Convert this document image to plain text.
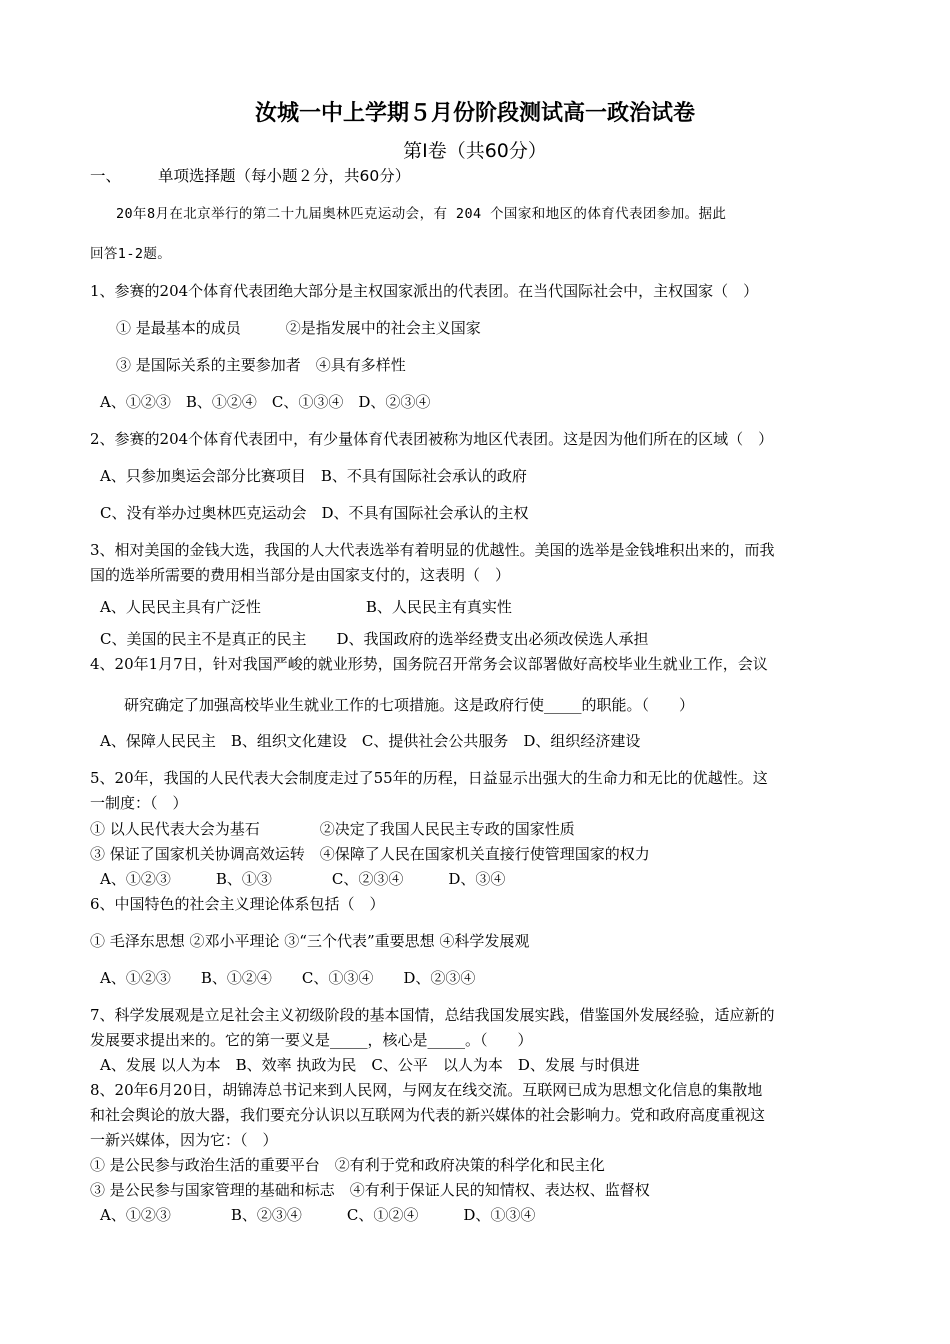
汝城一中上学期５月份阶段测试高一政治试卷
第Ⅰ卷（共60分）
一、 单项选择题（每小题２分，共60分）
20年8月在北京举行的第二十九届奥林匹克运动会，有 204 个国家和地区的体育代表团参加。据此
回答1-2题。
1、参赛的204个体育代表团绝大部分是主权国家派出的代表团。在当代国际社会中，主权国家（　）
① 是最基本的成员　　　②是指发展中的社会主义国家
③ 是国际关系的主要参加者　④具有多样性
A、①②③　B、①②④　C、①③④　D、②③④
2、参赛的204个体育代表团中，有少量体育代表团被称为地区代表团。这是因为他们所在的区域（　）
A、只参加奥运会部分比赛项目　B、不具有国际社会承认的政府
C、没有举办过奥林匹克运动会　D、不具有国际社会承认的主权
3、相对美国的金钱大选，我国的人大代表选举有着明显的优越性。美国的选举是金钱堆积出来的，而我
国的选举所需要的费用相当部分是由国家支付的，这表明（　）
A、人民民主具有广泛性　　　　　　　B、人民民主有真实性
C、美国的民主不是真正的民主　　D、我国政府的选举经费支出必须改侯选人承担
4、20年1月7日，针对我国严峻的就业形势，国务院召开常务会议部署做好高校毕业生就业工作，会议
研究确定了加强高校毕业生就业工作的七项措施。这是政府行使_____的职能。（　　）
A、保障人民民主　B、组织文化建设　C、提供社会公共服务　D、组织经济建设
5、20年，我国的人民代表大会制度走过了55年的历程，日益显示出强大的生命力和无比的优越性。这
一制度：（　）
① 以人民代表大会为基石　　　　②决定了我国人民民主专政的国家性质
③ 保证了国家机关协调高效运转　④保障了人民在国家机关直接行使管理国家的权力
A、①②③　　　B、①③　　　　C、②③④　　　D、③④
6、中国特色的社会主义理论体系包括（　）
① 毛泽东思想 ②邓小平理论 ③“三个代表”重要思想 ④科学发展观
A、①②③　　B、①②④　　C、①③④　　D、②③④
7、科学发展观是立足社会主义初级阶段的基本国情，总结我国发展实践，借鉴国外发展经验，适应新的
发展要求提出来的。它的第一要义是_____，核心是_____。（　　）
A、发展 以人为本　B、效率 执政为民　C、公平　以人为本　D、发展 与时俱进
8、20年6月20日，胡锦涛总书记来到人民网，与网友在线交流。互联网已成为思想文化信息的集散地
和社会舆论的放大器，我们要充分认识以互联网为代表的新兴媒体的社会影响力。党和政府高度重视这
一新兴媒体，因为它：（　）
① 是公民参与政治生活的重要平台　②有利于党和政府决策的科学化和民主化
③ 是公民参与国家管理的基础和标志　④有利于保证人民的知情权、表达权、监督权
A、①②③　　　　B、②③④　　　C、①②④　　　D、①③④
